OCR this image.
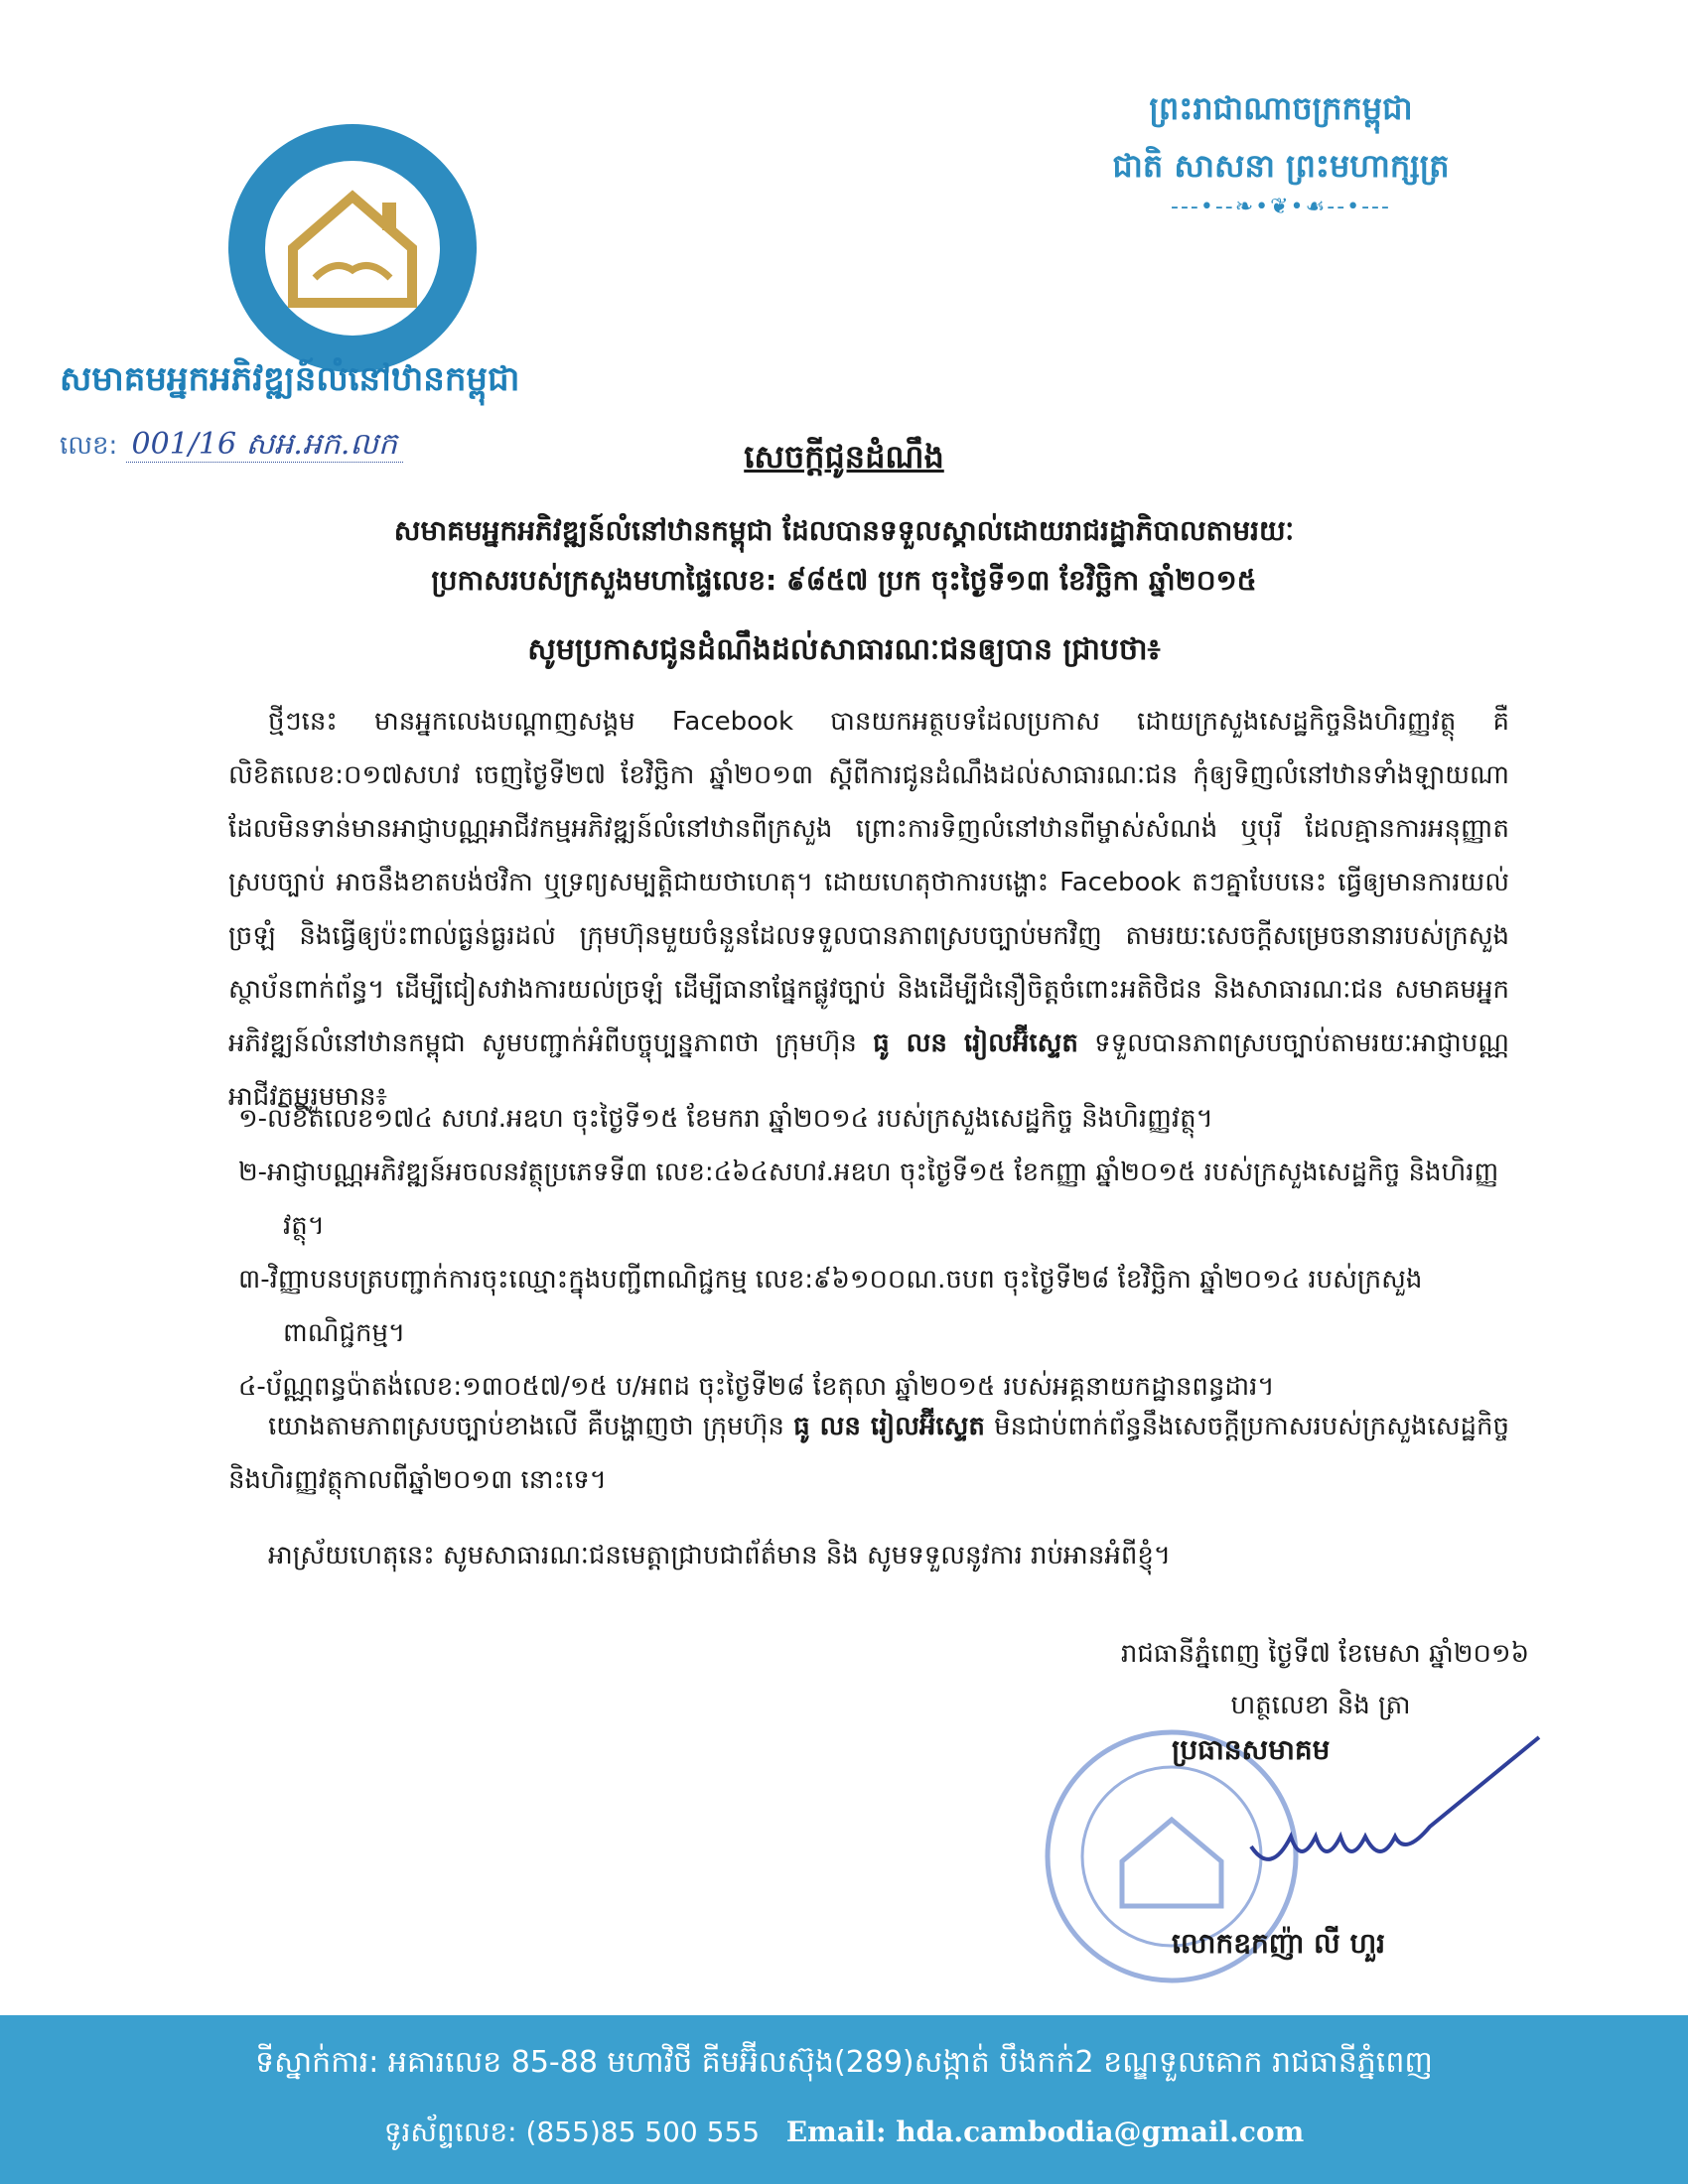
សមាគមអ្នកអភិវឌ្ឍន៍លំនៅឋានកម្ពុជា
លេខ: 001/16 សអ.អក.លក
ព្រះរាជាណាចក្រកម្ពុជា
ជាតិ សាសនា ព្រះមហាក្សត្រ
---•--❧•❦•☙--•---
សេចក្តីជូនដំណឹង
សមាគមអ្នកអភិវឌ្ឍន៍លំនៅឋានកម្ពុជា ដែលបានទទួលស្គាល់ដោយរាជរដ្ឋាភិបាលតាមរយៈ
ប្រកាសរបស់ក្រសួងមហាផ្ទៃលេខ: ៩៨៥៧ ប្រក ចុះថ្ងៃទី១៣ ខែវិច្ឆិកា ឆ្នាំ២០១៥
សូមប្រកាសជូនដំណឹងដល់សាធារណៈជនឲ្យបាន ជ្រាបថា៖
ថ្មីៗនេះ មានអ្នកលេងបណ្តាញសង្គម Facebook បានយកអត្ថបទដែលប្រកាស ដោយក្រសួងសេដ្ឋកិច្ចនិងហិរញ្ញវត្ថុ គឺលិខិតលេខ:០១៧សហវ ចេញថ្ងៃទី២៧ ខែវិច្ឆិកា ឆ្នាំ២០១៣ ស្តីពីការជូនដំណឹងដល់សាធារណៈជន កុំឲ្យទិញលំនៅឋានទាំងឡាយណា ដែលមិនទាន់មានអាជ្ញាបណ្ណអាជីវកម្មអភិវឌ្ឍន៍លំនៅឋានពីក្រសួង ព្រោះការទិញលំនៅឋានពីម្ចាស់សំណង់ ឬបុរី ដែលគ្មានការអនុញ្ញាតស្របច្បាប់ អាចនឹងខាតបង់ថវិកា ឬទ្រព្យសម្បត្តិជាយថាហេតុ។ ដោយហេតុថាការបង្ហោះ Facebook តៗគ្នាបែបនេះ ធ្វើឲ្យមានការយល់ច្រឡំ និងធ្វើឲ្យប៉ះពាល់ធ្ងន់ធ្ងរដល់ ក្រុមហ៊ុនមួយចំនួនដែលទទួលបានភាពស្របច្បាប់មកវិញ តាមរយៈសេចក្តីសម្រេចនានារបស់ក្រសួងស្ថាប័នពាក់ព័ន្ធ។ ដើម្បីជៀសវាងការយល់ច្រឡំ ដើម្បីធានាផ្នែកផ្លូវច្បាប់ និងដើម្បីជំនឿចិត្តចំពោះអតិថិជន និងសាធារណៈជន សមាគមអ្នកអភិវឌ្ឍន៍លំនៅឋានកម្ពុជា សូមបញ្ជាក់អំពីបច្ចុប្បន្នភាពថា ក្រុមហ៊ុន ធូ លន រៀលអ៊ីស្ទេត ទទួលបានភាពស្របច្បាប់តាមរយៈអាជ្ញាបណ្ណអាជីវកម្មរួមមាន៖
១-លិខិតលេខ១៧៤ សហវ.អឧហ ចុះថ្ងៃទី១៥ ខែមករា ឆ្នាំ២០១៤ របស់ក្រសួងសេដ្ឋកិច្ច និងហិរញ្ញវត្ថុ។
២-អាជ្ញាបណ្ណអភិវឌ្ឍន៍អចលនវត្ថុប្រភេទទី៣ លេខ:៤៦៤សហវ.អឧហ ចុះថ្ងៃទី១៥ ខែកញ្ញា ឆ្នាំ២០១៥ របស់ក្រសួងសេដ្ឋកិច្ច និងហិរញ្ញវត្ថុ។
៣-វិញ្ញាបនបត្របញ្ជាក់ការចុះឈ្មោះក្នុងបញ្ជីពាណិជ្ជកម្ម លេខ:៩៦១០០ណ.ចបព ចុះថ្ងៃទី២៨ ខែវិច្ឆិកា ឆ្នាំ២០១៤ របស់ក្រសួងពាណិជ្ជកម្ម។
៤-ប័ណ្ណពន្ធប៉ាតង់លេខ:១៣០៥៧/១៥ ប/អពដ ចុះថ្ងៃទី២៨ ខែតុលា ឆ្នាំ២០១៥ របស់អគ្គនាយកដ្ឋានពន្ធដារ។
យោងតាមភាពស្របច្បាប់ខាងលើ គឺបង្ហាញថា ក្រុមហ៊ុន ធូ លន រៀលអ៊ីស្ទេត មិនជាប់ពាក់ព័ន្ធនឹងសេចក្តីប្រកាសរបស់ក្រសួងសេដ្ឋកិច្ច និងហិរញ្ញវត្ថុកាលពីឆ្នាំ២០១៣ នោះទេ។
អាស្រ័យហេតុនេះ សូមសាធារណៈជនមេត្តាជ្រាបជាព័ត៌មាន និង សូមទទួលនូវការ រាប់អានអំពីខ្ញុំ។
រាជធានីភ្នំពេញ ថ្ងៃទី៧ ខែមេសា ឆ្នាំ២០១៦
ហត្ថលេខា និង ត្រា
ប្រធានសមាគម
លោកឧកញ៉ា លី ហួរ
ទីស្នាក់ការ: អគារលេខ 85-88 មហាវិថី គីមអ៊ីលស៊ុង(289)សង្កាត់ បឹងកក់2 ខណ្ឌទួលគោក រាជធានីភ្នំពេញ
ទូរស័ព្ទលេខ: (855)85 500 555 Email: hda.cambodia@gmail.com
